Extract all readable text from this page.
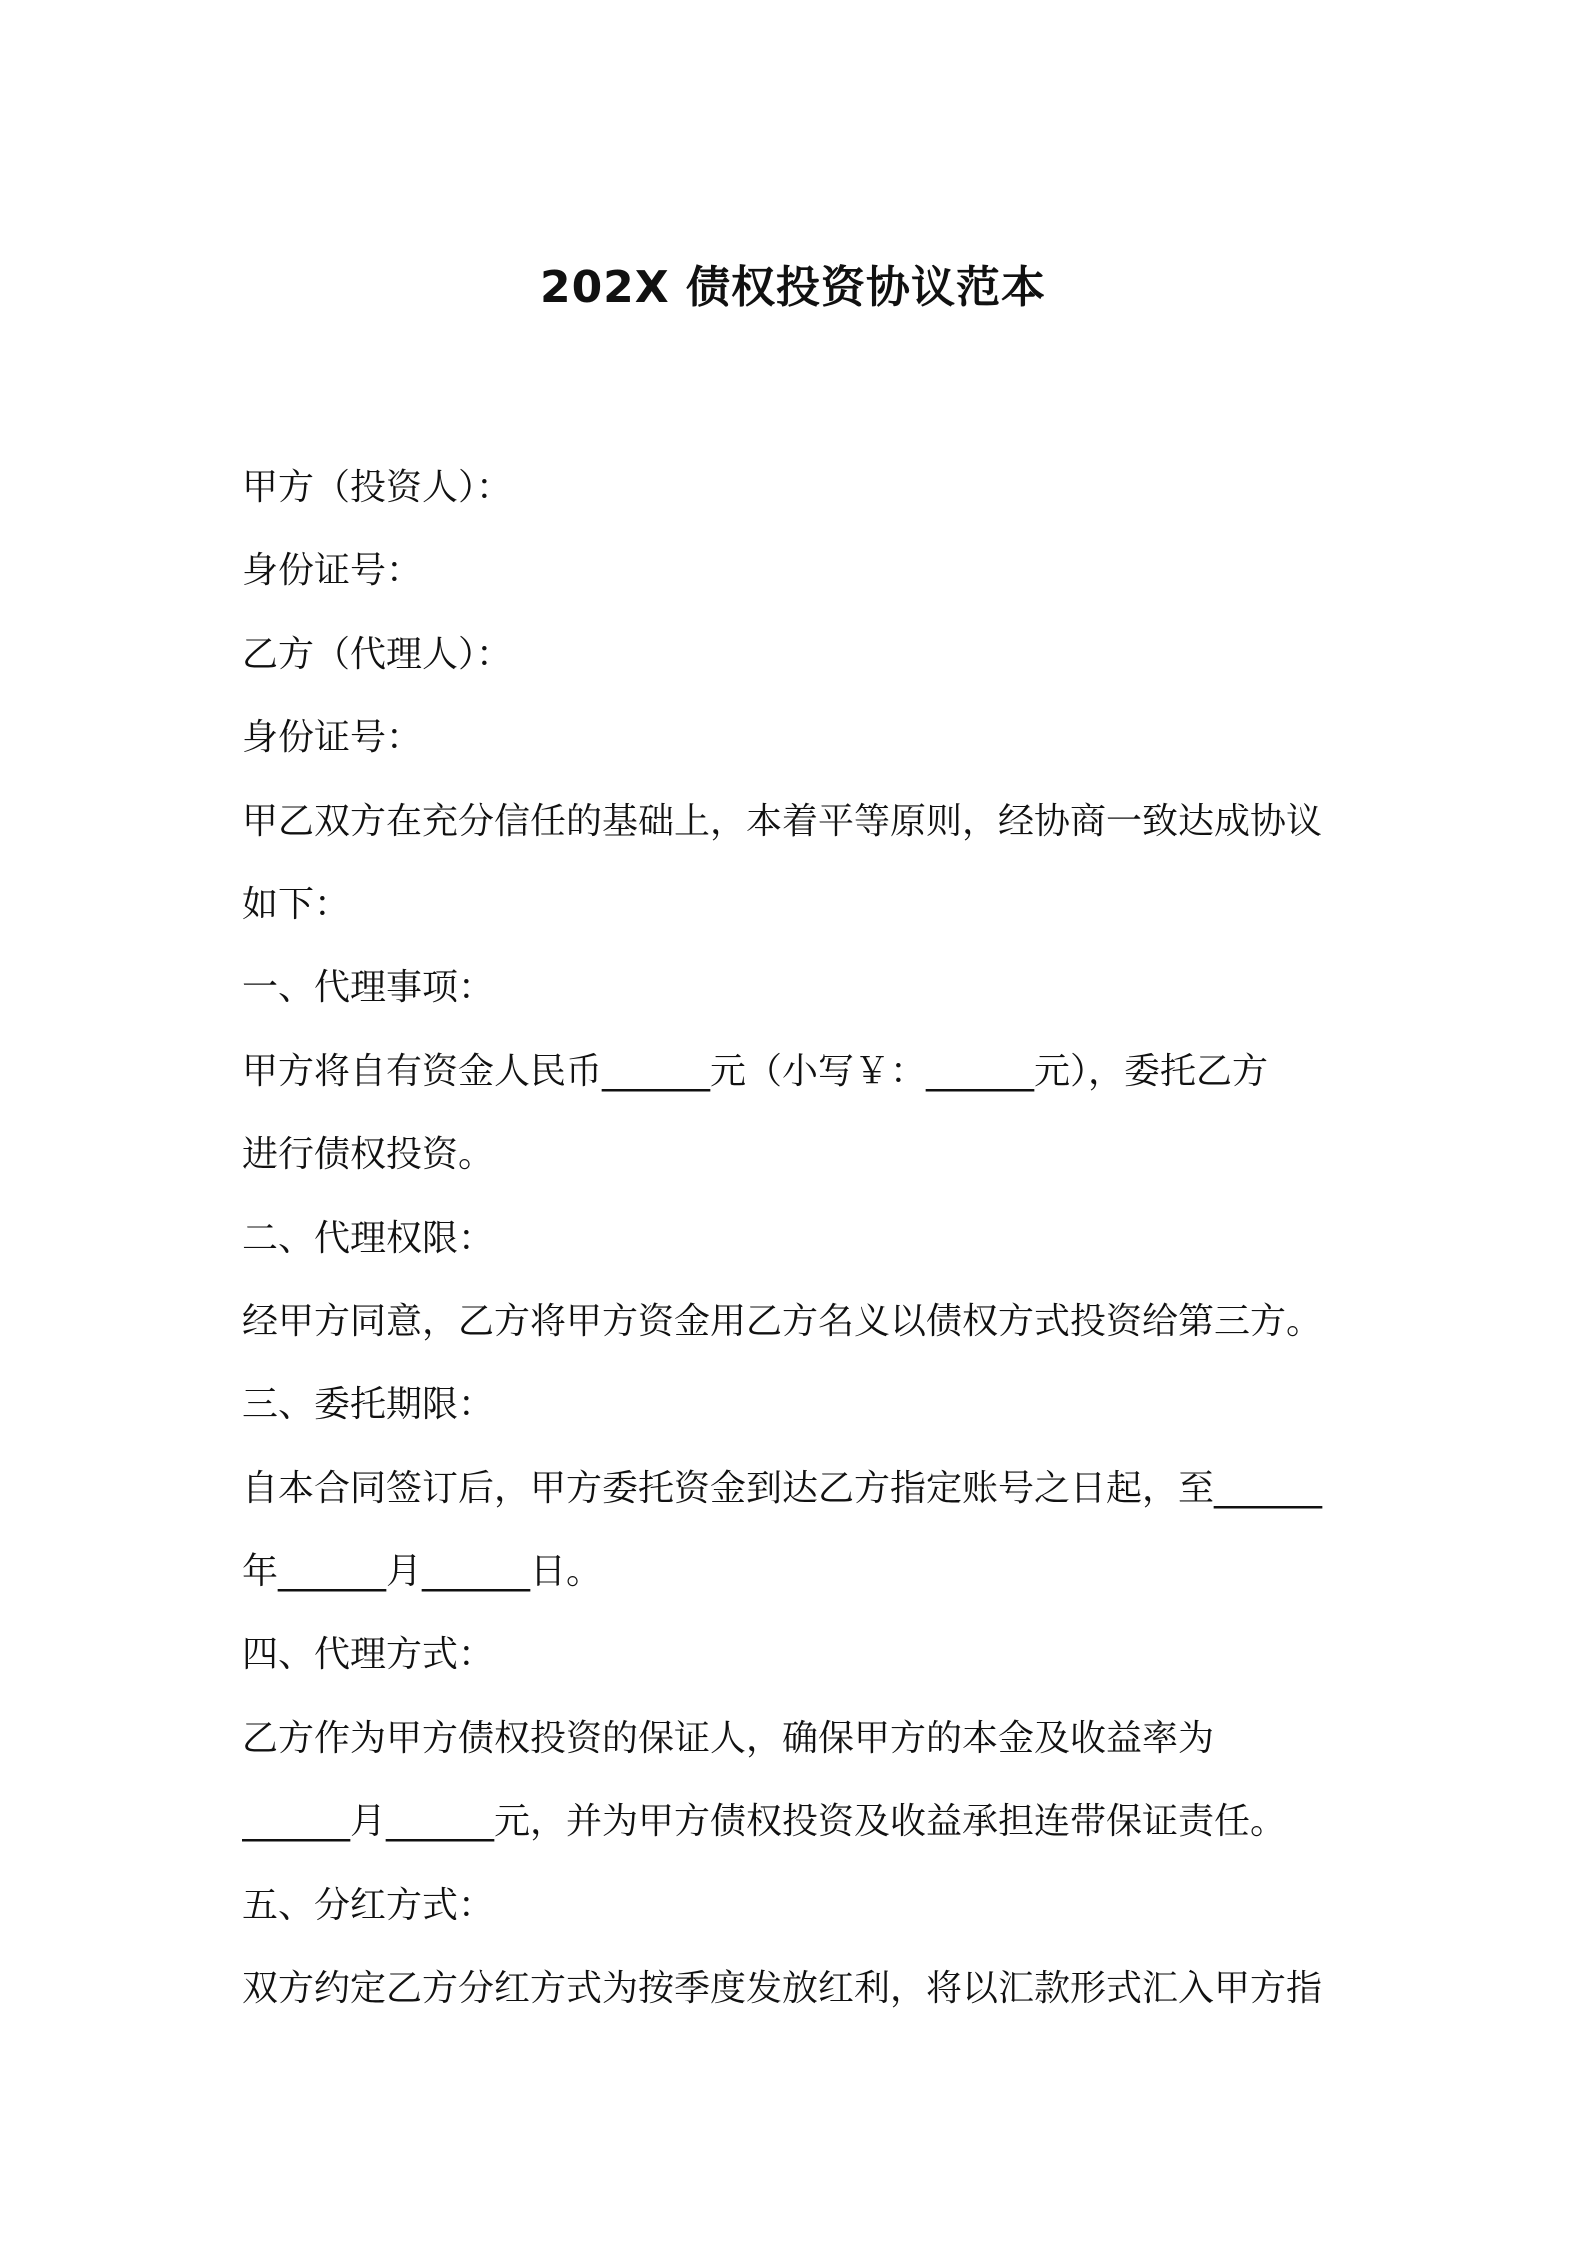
202X 债权投资协议范本
甲方（投资人）：
身份证号：
乙方（代理人）：
身份证号：
甲乙双方在充分信任的基础上，本着平等原则，经协商一致达成协议
如下：
一、代理事项：
甲方将自有资金人民币______元（小写￥：______元），委托乙方
进行债权投资。
二、代理权限：
经甲方同意，乙方将甲方资金用乙方名义以债权方式投资给第三方。
三、委托期限：
自本合同签订后，甲方委托资金到达乙方指定账号之日起，至______
年______月______日。
四、代理方式：
乙方作为甲方债权投资的保证人，确保甲方的本金及收益率为
______月______元，并为甲方债权投资及收益承担连带保证责任。
五、分红方式：
双方约定乙方分红方式为按季度发放红利，将以汇款形式汇入甲方指
